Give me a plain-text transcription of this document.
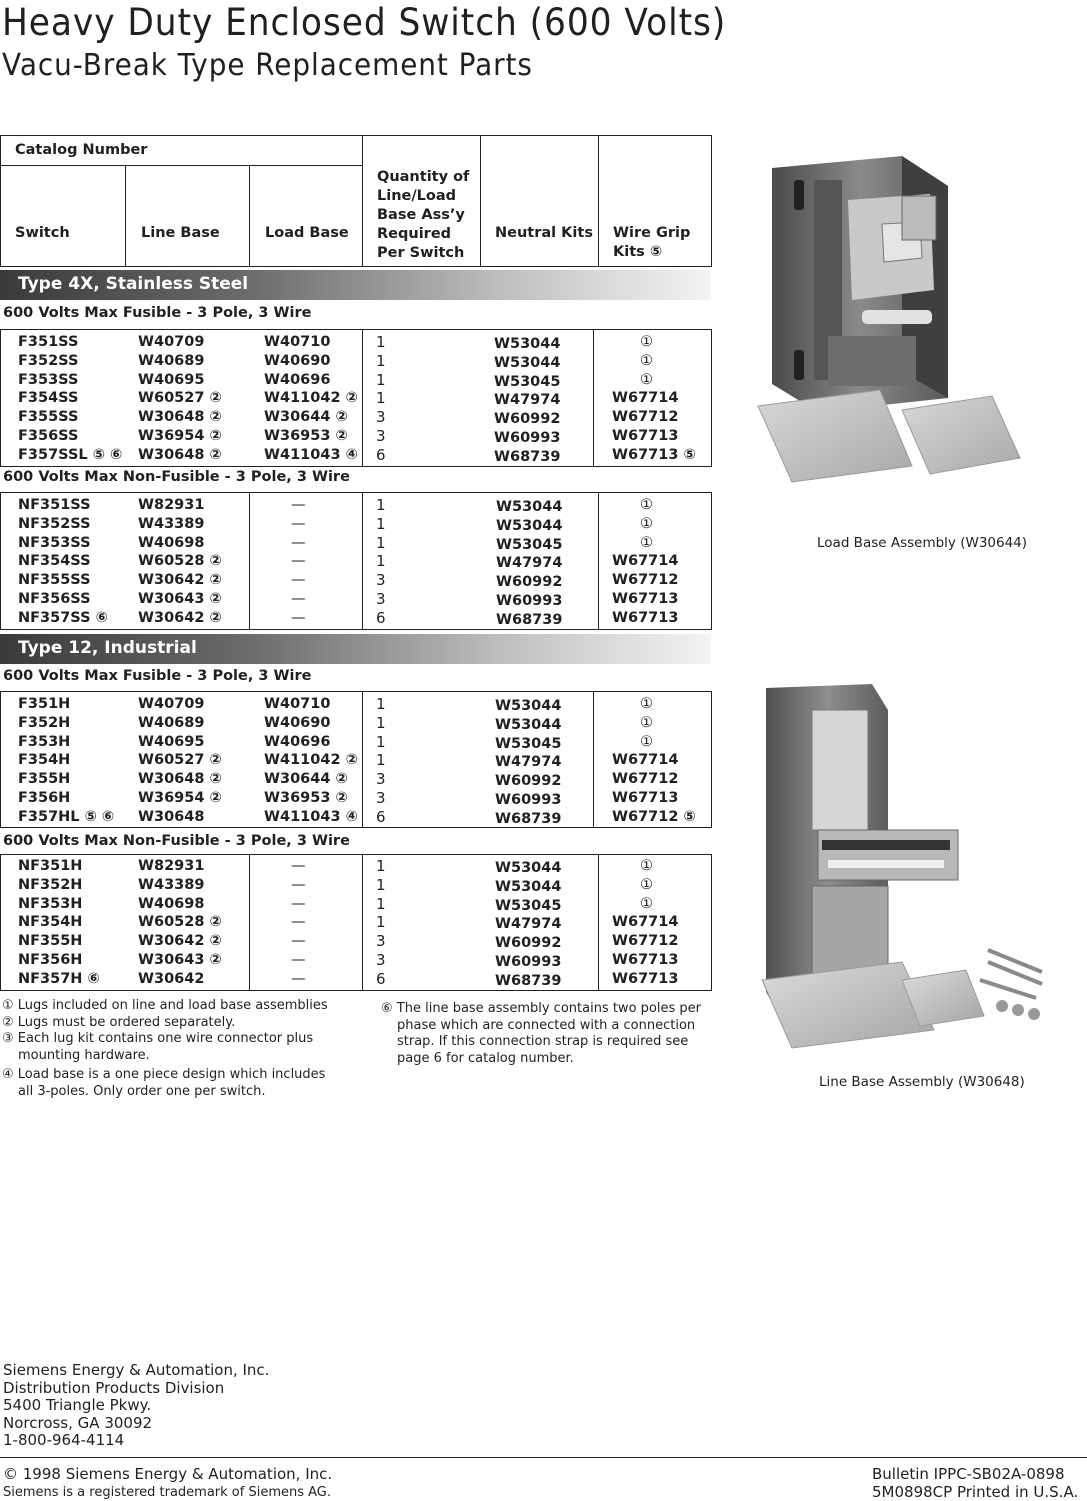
Heavy Duty Enclosed Switch (600 Volts)
Vacu-Break Type Replacement Parts
Catalog Number
Switch	Line Base	Load Base
Quantity of
Line/Load
Base Ass’y
Required
Per Switch
Neutral Kits Wire Grip
Kits ⑤
Type 4X, Stainless Steel
600 Volts Max Fusible - 3 Pole, 3 Wire
F351SS
F352SS
F353SS
F354SS
F355SS
F356SS
F357SSL ⑤ ⑥
W40709
W40689
W40695
W60527 ②
W30648 ②
W36954 ②
W30648 ②
W40710
W40690
W40696
W411042 ②
W30644 ②
W36953 ②
W411043 ④
1
1
1
1
3
3
6
W53044
W53044
W53045
W47974
W60992
W60993
W68739
①
①
①
W67714
W67712
W67713
W67713 ⑤
600 Volts Max Non-Fusible - 3 Pole, 3 Wire
NF351SS
NF352SS
NF353SS
NF354SS
NF355SS
NF356SS
NF357SS ⑥
W82931
W43389
W40698
W60528 ②
W30642 ②
W30643 ②
W30642 ②
—
—
—
—
—
—
—
1
1
1
1
3
3
6
W53044
W53044
W53045
W47974
W60992
W60993
W68739
①
①
①
W67714
W67712
W67713
W67713
Type 12, Industrial
600 Volts Max Fusible - 3 Pole, 3 Wire
F351H
F352H
F353H
F354H
F355H
F356H
F357HL ⑤ ⑥
W40709
W40689
W40695
W60527 ②
W30648 ②
W36954 ②
W30648
W40710
W40690
W40696
W411042 ②
W30644 ②
W36953 ②
W411043 ④
1
1
1
1
3
3
6
W53044
W53044
W53045
W47974
W60992
W60993
W68739
①
①
①
W67714
W67712
W67713
W67712 ⑤
600 Volts Max Non-Fusible - 3 Pole, 3 Wire
NF351H
NF352H
NF353H
NF354H
NF355H
NF356H
NF357H ⑥
W82931
W43389
W40698
W60528 ②
W30642 ②
W30643 ②
W30642
—
—
—
—
—
—
—
1
1
1
1
3
3
6
W53044
W53044
W53045
W47974
W60992
W60993
W68739
①
①
①
W67714
W67712
W67713
W67713
① Lugs included on line and load base assemblies
② Lugs must be ordered separately.
③ Each lug kit contains one wire connector plus mounting hardware.
④ Load base is a one piece design which includes all 3-poles. Only order one per switch.
⑥ The line base assembly contains two poles per phase which are connected with a connection strap. If this connection strap is required see page 6 for catalog number.
Load Base Assembly (W30644)
Line Base Assembly (W30648)
Siemens Energy & Automation, Inc.
Distribution Products Division
5400 Triangle Pkwy.
Norcross, GA 30092
1-800-964-4114
© 1998 Siemens Energy & Automation, Inc.
Siemens is a registered trademark of Siemens AG.
Bulletin IPPC-SB02A-0898
5M0898CP Printed in U.S.A.
